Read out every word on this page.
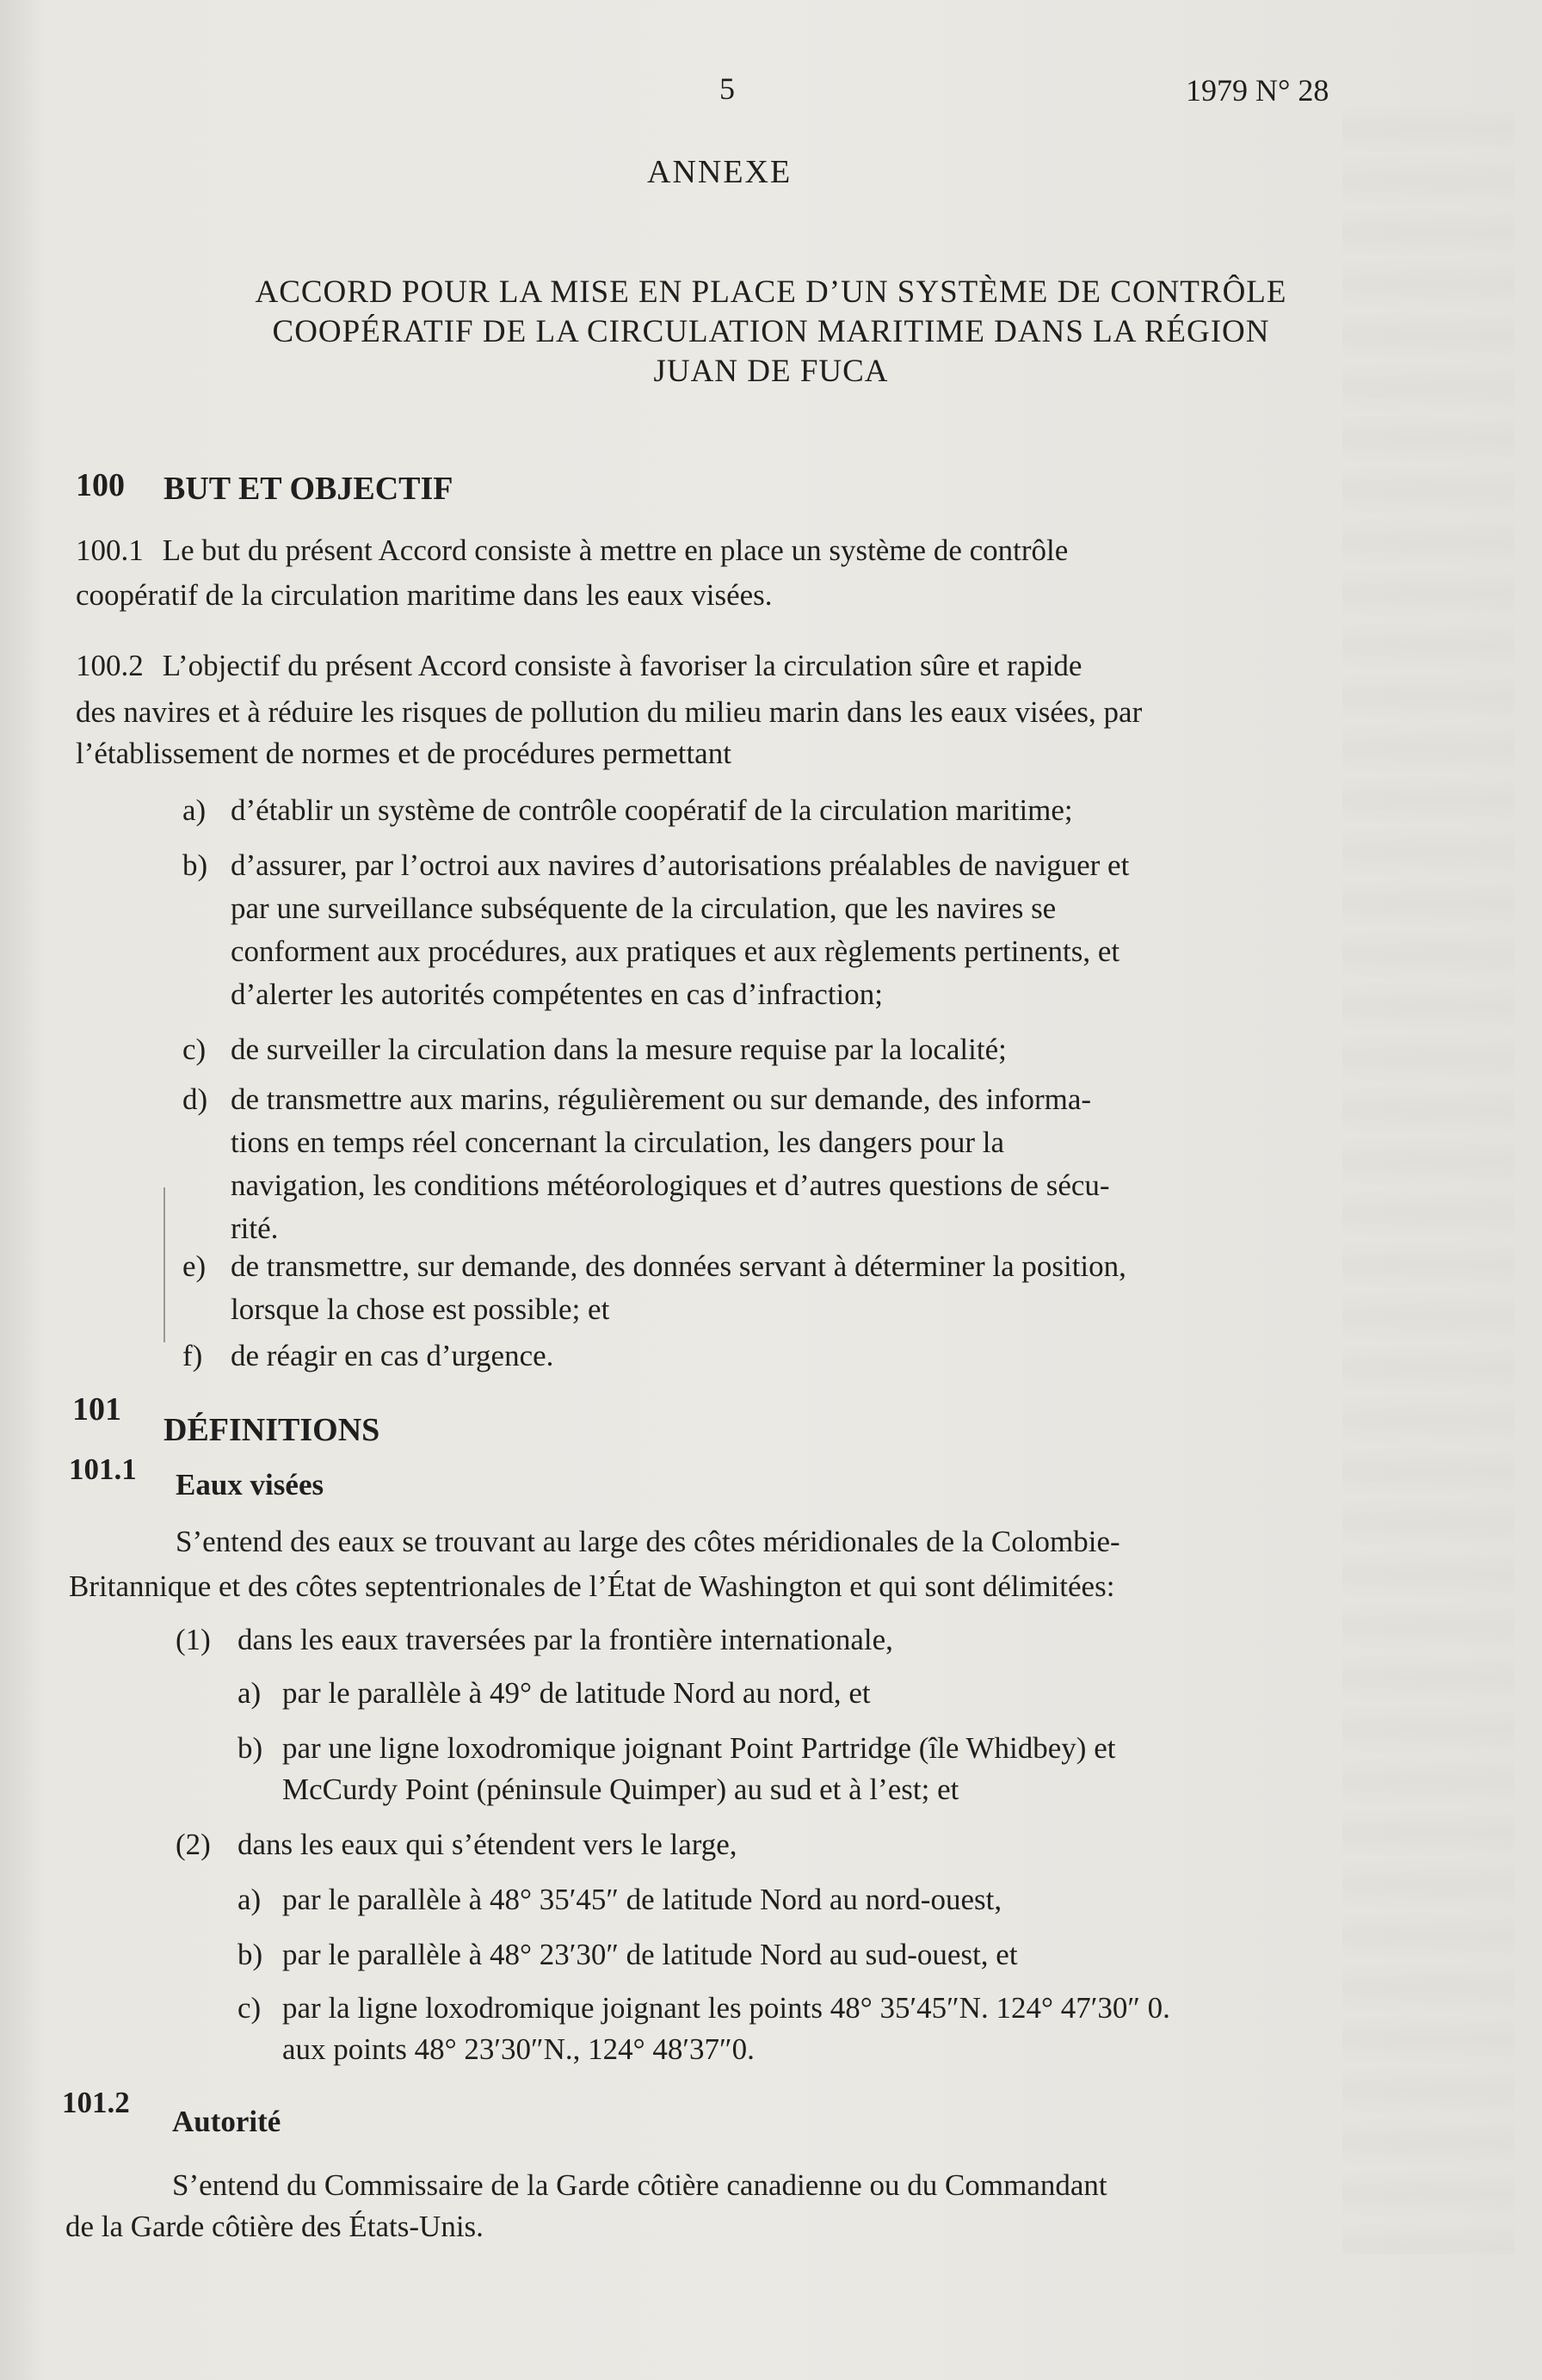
5	1979 N° 28
ANNEXE
ACCORD POUR LA MISE EN PLACE D’UN SYSTÈME DE CONTRÔLE
COOPÉRATIF DE LA CIRCULATION MARITIME DANS LA RÉGION
JUAN DE FUCA
100 BUT ET OBJECTIF
100.1 Le but du présent Accord consiste à mettre en place un système de contrôle
coopératif de la circulation maritime dans les eaux visées.
100.2 L’objectif du présent Accord consiste à favoriser la circulation sûre et rapide
des navires et à réduire les risques de pollution du milieu marin dans les eaux visées, par
l’établissement de normes et de procédures permettant
a) d’établir un système de contrôle coopératif de la circulation maritime;
b) d’assurer, par l’octroi aux navires d’autorisations préalables de naviguer et
par une surveillance subséquente de la circulation, que les navires se
conforment aux procédures, aux pratiques et aux règlements pertinents, et
d’alerter les autorités compétentes en cas d’infraction;
c) de surveiller la circulation dans la mesure requise par la localité;
d) de transmettre aux marins, régulièrement ou sur demande, des informa-
tions en temps réel concernant la circulation, les dangers pour la
navigation, les conditions météorologiques et d’autres questions de sécu-
rité.
e) de transmettre, sur demande, des données servant à déterminer la position,
lorsque la chose est possible; et
f) de réagir en cas d’urgence.
101
DÉFINITIONS
101.1 Eaux visées
S’entend des eaux se trouvant au large des côtes méridionales de la Colombie-
Britannique et des côtes septentrionales de l’État de Washington et qui sont délimitées:
(1) dans les eaux traversées par la frontière internationale,
a) par le parallèle à 49° de latitude Nord au nord, et
b) par une ligne loxodromique joignant Point Partridge (île Whidbey) et
McCurdy Point (péninsule Quimper) au sud et à l’est; et
(2) dans les eaux qui s’étendent vers le large,
a) par le parallèle à 48° 35′45″ de latitude Nord au nord-ouest,
b) par le parallèle à 48° 23′30″ de latitude Nord au sud-ouest, et
c) par la ligne loxodromique joignant les points 48° 35′45″N. 124° 47′30″ 0.
aux points 48° 23′30″N., 124° 48′37″0.
101.2
Autorité
S’entend du Commissaire de la Garde côtière canadienne ou du Commandant
de la Garde côtière des États-Unis.
